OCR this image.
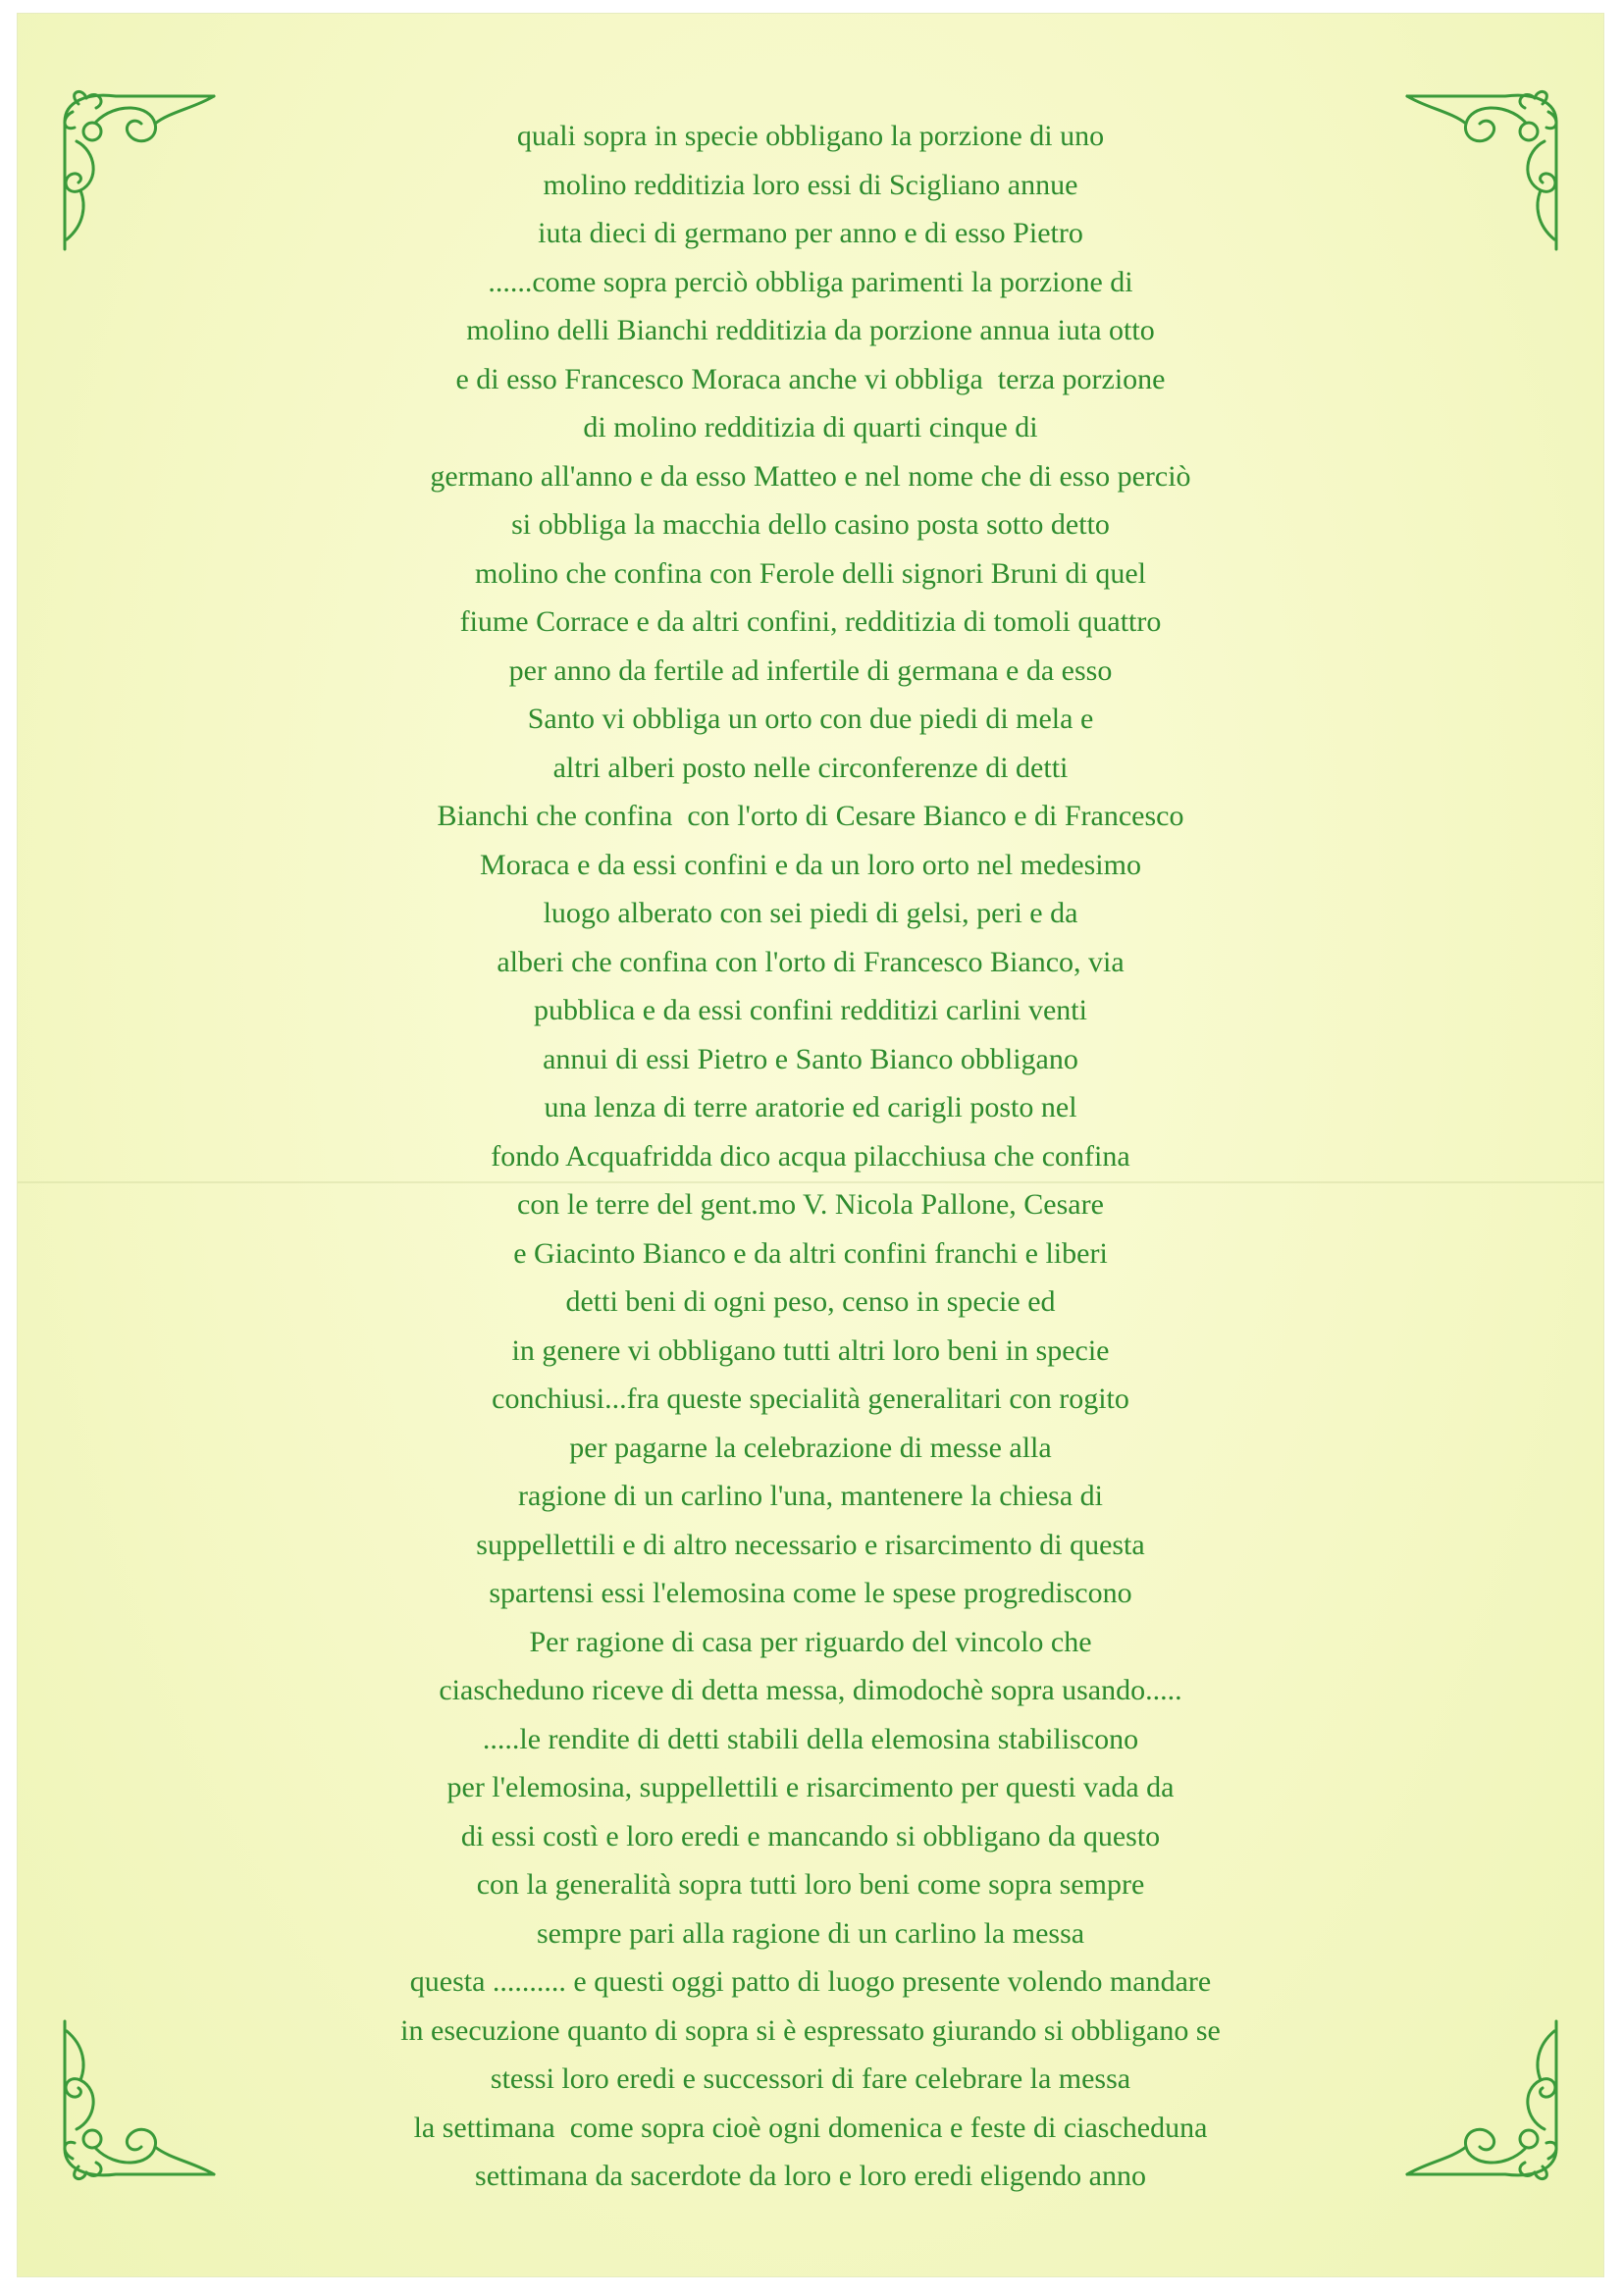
quali sopra in specie obbligano la porzione di uno
molino redditizia loro essi di Scigliano annue
iuta dieci di germano per anno e di esso Pietro
......come sopra perciò obbliga parimenti la porzione di
molino delli Bianchi redditizia da porzione annua iuta otto
e di esso Francesco Moraca anche vi obbliga  terza porzione
di molino redditizia di quarti cinque di
germano all'anno e da esso Matteo e nel nome che di esso perciò
si obbliga la macchia dello casino posta sotto detto
molino che confina con Ferole delli signori Bruni di quel
fiume Corrace e da altri confini, redditizia di tomoli quattro
per anno da fertile ad infertile di germana e da esso
Santo vi obbliga un orto con due piedi di mela e
altri alberi posto nelle circonferenze di detti
Bianchi che confina  con l'orto di Cesare Bianco e di Francesco
Moraca e da essi confini e da un loro orto nel medesimo
luogo alberato con sei piedi di gelsi, peri e da
alberi che confina con l'orto di Francesco Bianco, via
pubblica e da essi confini redditizi carlini venti
annui di essi Pietro e Santo Bianco obbligano
una lenza di terre aratorie ed carigli posto nel
fondo Acquafridda dico acqua pilacchiusa che confina
con le terre del gent.mo V. Nicola Pallone, Cesare
e Giacinto Bianco e da altri confini franchi e liberi
detti beni di ogni peso, censo in specie ed
in genere vi obbligano tutti altri loro beni in specie
conchiusi...fra queste specialità generalitari con rogito
per pagarne la celebrazione di messe alla
ragione di un carlino l'una, mantenere la chiesa di
suppellettili e di altro necessario e risarcimento di questa
spartensi essi l'elemosina come le spese progrediscono
Per ragione di casa per riguardo del vincolo che
ciascheduno riceve di detta messa, dimodochè sopra usando.....
.....le rendite di detti stabili della elemosina stabiliscono
per l'elemosina, suppellettili e risarcimento per questi vada da
di essi costì e loro eredi e mancando si obbligano da questo
con la generalità sopra tutti loro beni come sopra sempre
sempre pari alla ragione di un carlino la messa
questa .......... e questi oggi patto di luogo presente volendo mandare
in esecuzione quanto di sopra si è espressato giurando si obbligano se
stessi loro eredi e successori di fare celebrare la messa
la settimana  come sopra cioè ogni domenica e feste di ciascheduna
settimana da sacerdote da loro e loro eredi eligendo anno
